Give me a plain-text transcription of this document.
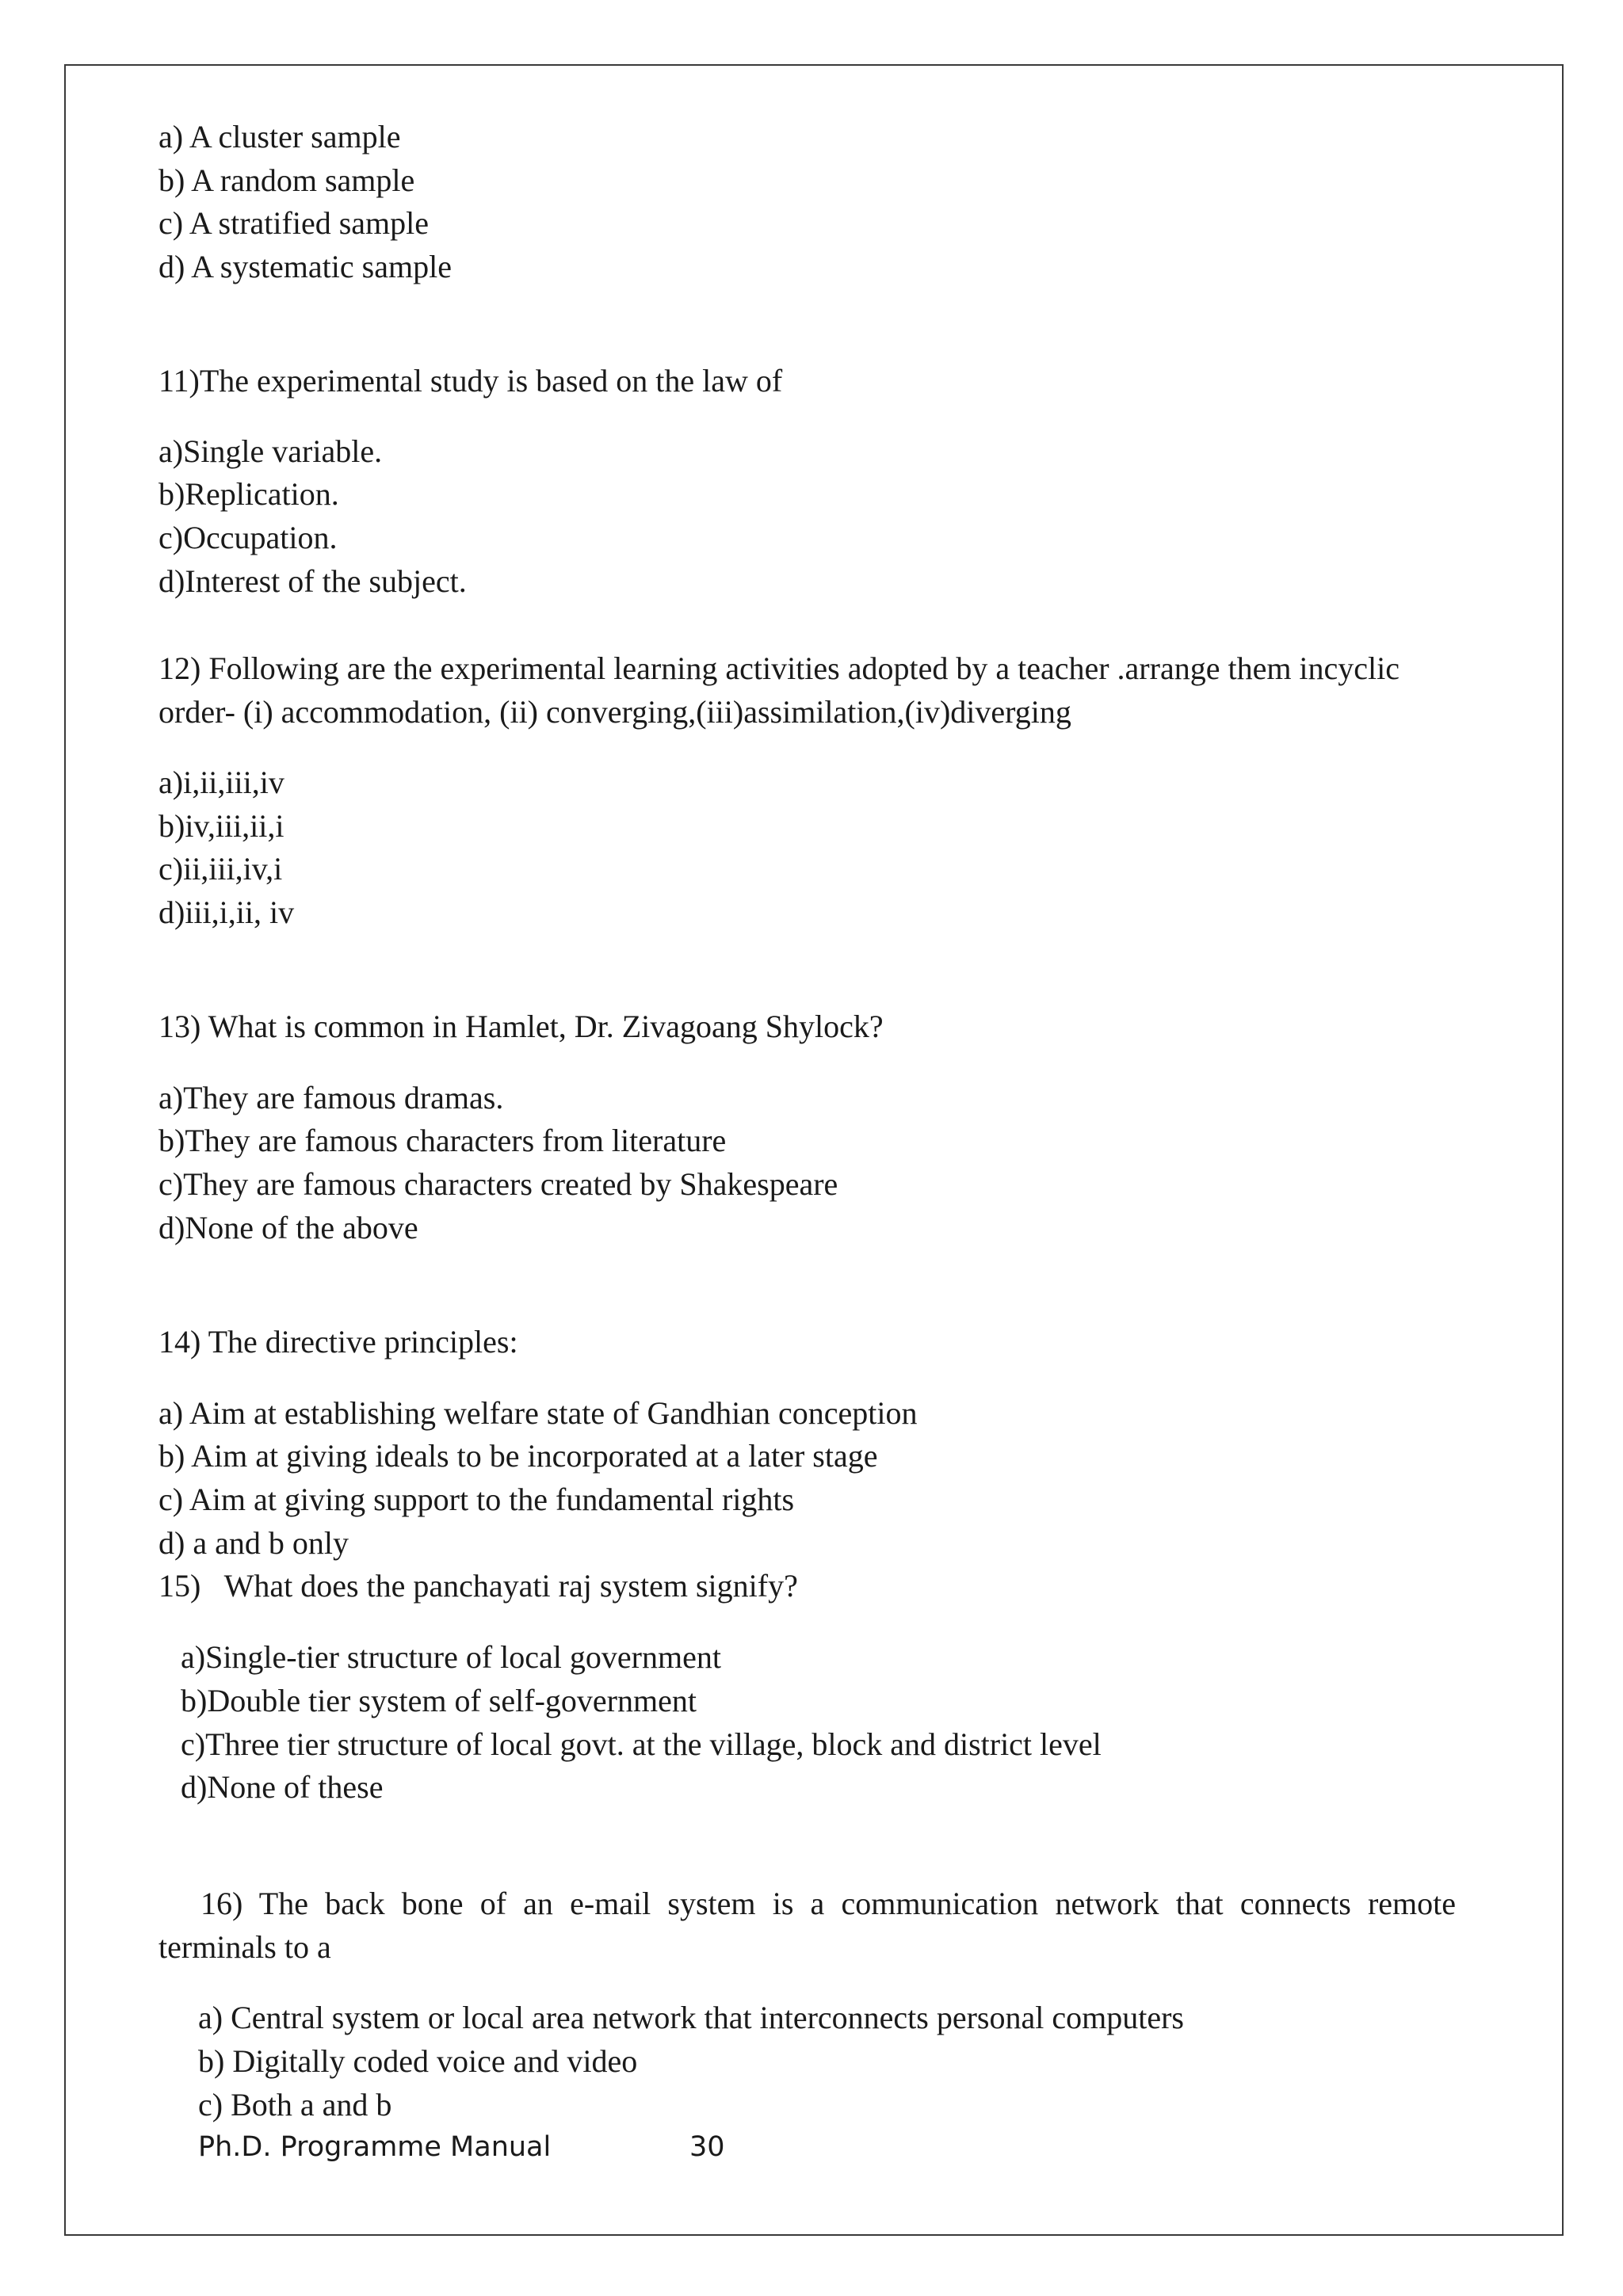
a) A cluster sample

b) A random sample

c) A stratified sample

d) A systematic sample

11)The experimental study is based on the law of

a)Single variable.

b)Replication.

c)Occupation.

d)Interest of the subject.

12) Following are the experimental learning activities adopted by a teacher .arrange them incyclic

order- (i) accommodation, (ii) converging,(iii)assimilation,(iv)diverging

a)i,ii,iii,iv

b)iv,iii,ii,i

c)ii,iii,iv,i

d)iii,i,ii, iv

13) What is common in Hamlet, Dr. Zivagoang Shylock?

a)They are famous dramas.

b)They are famous characters from literature

c)They are famous characters created by Shakespeare

d)None of the above

14) The directive principles:

a) Aim at establishing welfare state of Gandhian conception

b) Aim at giving ideals to be incorporated at a later stage

c) Aim at giving support to the fundamental rights

d) a and b only

15)   What does the panchayati raj system signify?

a)Single-tier structure of local government

b)Double tier system of self-government

c)Three tier structure of local govt. at the village, block and district level

d)None of these

16) The back bone of an e-mail system is a communication network that connects remote

terminals to a

a) Central system or local area network that interconnects personal computers

b) Digitally coded voice and video

c) Both a and b

Ph.D. Programme Manual	30
